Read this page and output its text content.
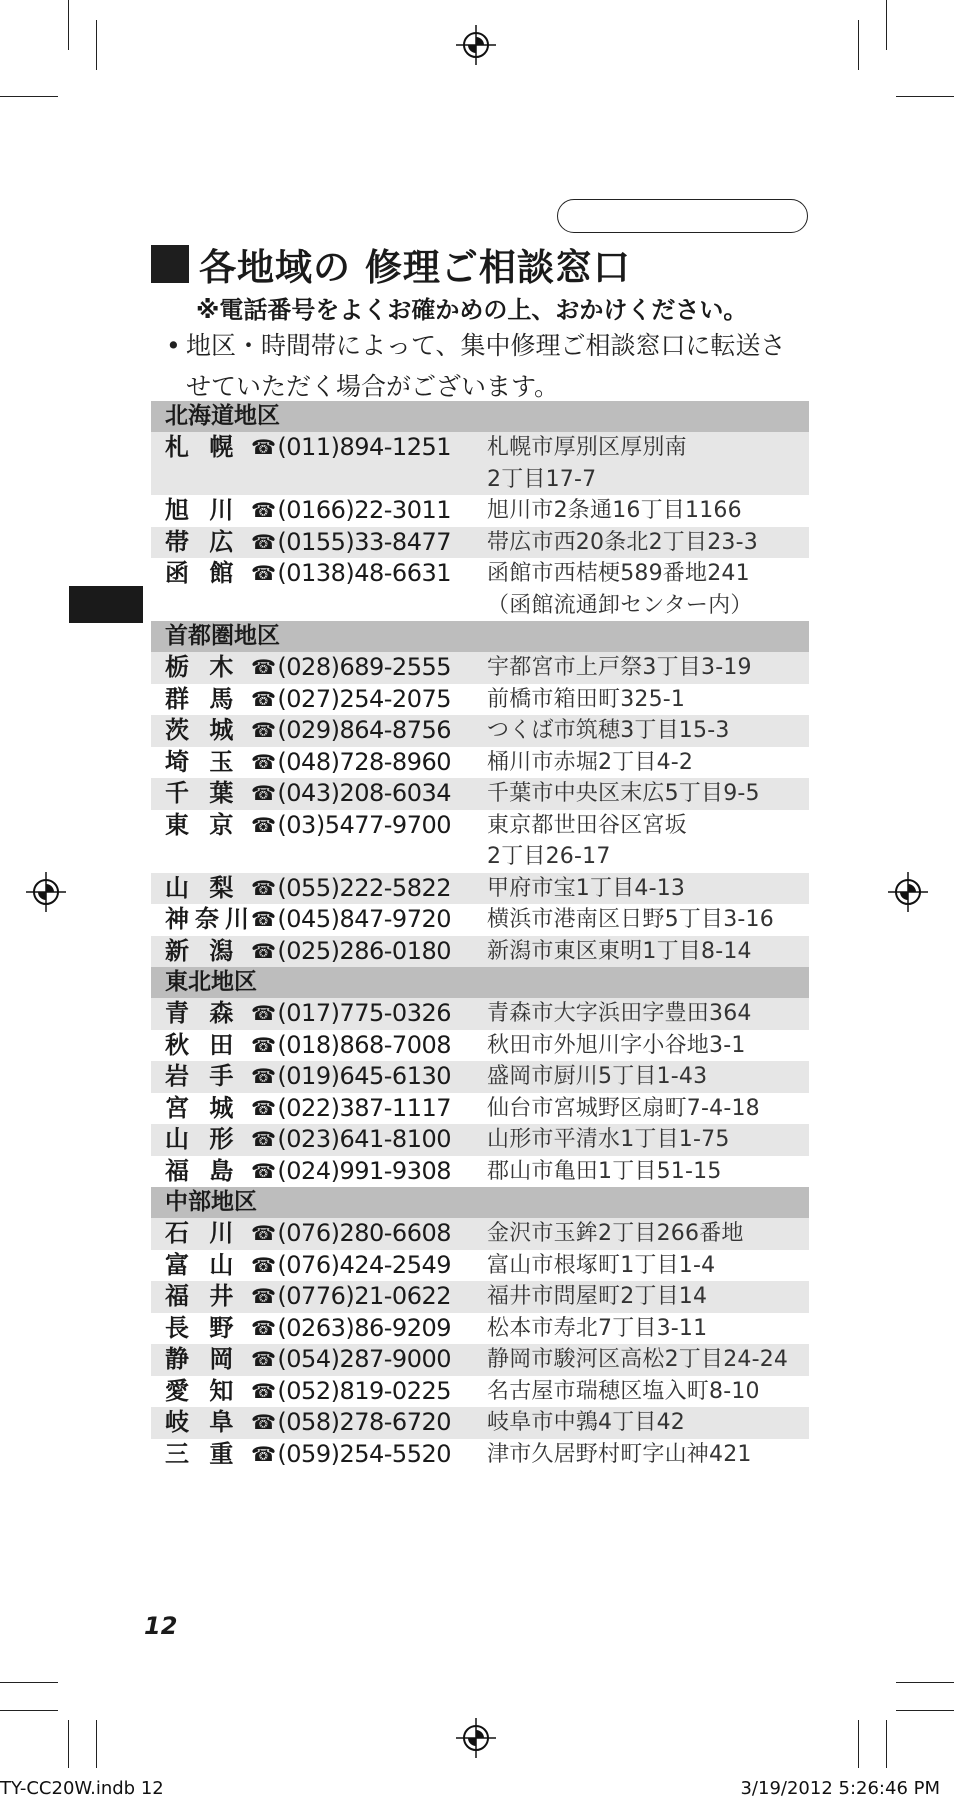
各地域の 修理ご相談窓口
※電話番号をよくお確かめの上、おかけください。
• 地区・時間帯によって、集中修理ご相談窓口に転送さ
せていただく場合がございます。
北海道地区
札 幌 ☎ (011)894-1251 札幌市厚別区厚別南
2丁目17-7
旭 川 ☎ (0166)22-3011 旭川市2条通16丁目1166
帯 広 ☎ (0155)33-8477 帯広市西20条北2丁目23-3
函 館 ☎ (0138)48-6631 函館市西桔梗589番地241
（函館流通卸センター内）
首都圏地区
栃 木 ☎ (028)689-2555 宇都宮市上戸祭3丁目3-19
群 馬 ☎ (027)254-2075 前橋市箱田町325-1
茨 城 ☎ (029)864-8756 つくば市筑穂3丁目15-3
埼 玉 ☎ (048)728-8960 桶川市赤堀2丁目4-2
千 葉 ☎ (043)208-6034 千葉市中央区末広5丁目9-5
東 京 ☎ (03)5477-9700 東京都世田谷区宮坂
2丁目26-17
山 梨 ☎ (055)222-5822 甲府市宝1丁目4-13
神奈川
☎ (045)847-9720 横浜市港南区日野5丁目3-16
新 潟 ☎ (025)286-0180 新潟市東区東明1丁目8-14
東北地区
青 森 ☎ (017)775-0326 青森市大字浜田字豊田364
秋 田 ☎ (018)868-7008 秋田市外旭川字小谷地3-1
岩 手 ☎ (019)645-6130 盛岡市厨川5丁目1-43
宮 城 ☎ (022)387-1117 仙台市宮城野区扇町7-4-18
山 形 ☎ (023)641-8100 山形市平清水1丁目1-75
福 島 ☎ (024)991-9308 郡山市亀田1丁目51-15
中部地区
石 川 ☎ (076)280-6608 金沢市玉鉾2丁目266番地
富 山 ☎ (076)424-2549 富山市根塚町1丁目1-4
福 井 ☎ (0776)21-0622 福井市問屋町2丁目14
長 野 ☎ (0263)86-9209 松本市寿北7丁目3-11
静 岡 ☎ (054)287-9000 静岡市駿河区高松2丁目24-24
愛 知 ☎ (052)819-0225 名古屋市瑞穂区塩入町8-10
岐 阜 ☎ (058)278-6720 岐阜市中鶉4丁目42
三 重 ☎ (059)254-5520 津市久居野村町字山神421
12
TY-CC20W.indb 12	3/19/2012 5:26:46 PM
